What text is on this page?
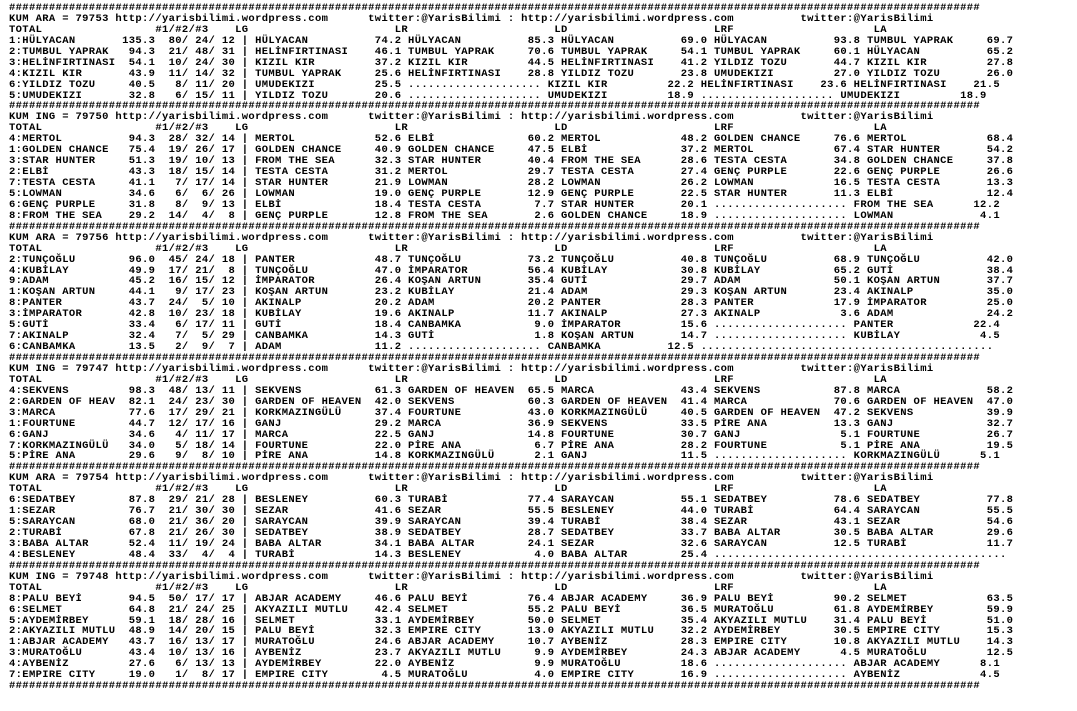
##################################################################################################################################################
KUM ARA = 79753 http://yarisbilimi.wordpress.com      twitter:@YarisBilimi : http://yarisbilimi.wordpress.com          twitter:@YarisBilimi
TOTAL                 #1/#2/#3    LG                      LR                      LD                      LRF                     LA
1:HÜLYACAN       135.3  80/ 24/ 12 | HÜLYACAN          74.2 HÜLYACAN          85.3 HÜLYACAN          69.0 HÜLYACAN          93.8 TUMBUL YAPRAK     69.7
2:TUMBUL YAPRAK   94.3  21/ 48/ 31 | HELİNFIRTINASI    46.1 TUMBUL YAPRAK     70.6 TUMBUL YAPRAK     54.1 TUMBUL YAPRAK     60.1 HÜLYACAN          65.2
3:HELİNFIRTINASI  54.1  10/ 24/ 30 | KIZIL KIR         37.2 KIZIL KIR         44.5 HELİNFIRTINASI    41.2 YILDIZ TOZU       44.7 KIZIL KIR         27.8
4:KIZIL KIR       43.9  11/ 14/ 32 | TUMBUL YAPRAK     25.6 HELİNFIRTINASI    28.8 YILDIZ TOZU       23.8 UMUDEKIZI         27.0 YILDIZ TOZU       26.0
6:YILDIZ TOZU     40.5   8/ 11/ 20 | UMUDEKIZI         25.5 .................... KIZIL KIR         22.2 HELİNFIRTINASI    23.6 HELİNFIRTINASI    21.5
5:UMUDEKIZI       32.8   6/ 15/ 11 | YILDIZ TOZU       20.6 .................... UMUDEKIZI         18.9 .................... UMUDEKIZI         18.9
##################################################################################################################################################
KUM ING = 79750 http://yarisbilimi.wordpress.com      twitter:@YarisBilimi : http://yarisbilimi.wordpress.com          twitter:@YarisBilimi
TOTAL                 #1/#2/#3    LG                      LR                      LD                      LRF                     LA
4:MERTOL          94.3  28/ 32/ 14 | MERTOL            52.6 ELBİ              60.2 MERTOL            48.2 GOLDEN CHANCE     76.6 MERTOL            68.4
1:GOLDEN CHANCE   75.4  19/ 26/ 17 | GOLDEN CHANCE     40.9 GOLDEN CHANCE     47.5 ELBİ              37.2 MERTOL            67.4 STAR HUNTER       54.2
3:STAR HUNTER     51.3  19/ 10/ 13 | FROM THE SEA      32.3 STAR HUNTER       40.4 FROM THE SEA      28.6 TESTA CESTA       34.8 GOLDEN CHANCE     37.8
2:ELBİ            43.3  18/ 15/ 14 | TESTA CESTA       31.2 MERTOL            29.7 TESTA CESTA       27.4 GENÇ PURPLE       22.6 GENÇ PURPLE       26.6
7:TESTA CESTA     41.1   7/ 17/ 14 | STAR HUNTER       21.9 LOWMAN            28.2 LOWMAN            26.2 LOWMAN            16.5 TESTA CESTA       13.3
5:LOWMAN          34.6   6/  6/ 26 | LOWMAN            19.0 GENÇ PURPLE       12.9 GENÇ PURPLE       22.5 STAR HUNTER       11.3 ELBİ              12.4
6:GENÇ PURPLE     31.8   8/  9/ 13 | ELBİ              18.4 TESTA CESTA        7.7 STAR HUNTER       20.1 .................... FROM THE SEA      12.2
8:FROM THE SEA    29.2  14/  4/  8 | GENÇ PURPLE       12.8 FROM THE SEA       2.6 GOLDEN CHANCE     18.9 .................... LOWMAN             4.1
##################################################################################################################################################
KUM ARA = 79756 http://yarisbilimi.wordpress.com      twitter:@YarisBilimi : http://yarisbilimi.wordpress.com          twitter:@YarisBilimi
TOTAL                 #1/#2/#3    LG                      LR                      LD                      LRF                     LA
2:TUNÇOĞLU        96.0  45/ 24/ 18 | PANTER            48.7 TUNÇOĞLU          73.2 TUNÇOĞLU          40.8 TUNÇOĞLU          68.9 TUNÇOĞLU          42.0
4:KUBİLAY         49.9  17/ 21/  8 | TUNÇOĞLU          47.0 İMPARATOR         56.4 KUBİLAY           30.8 KUBİLAY           65.2 GUTİ              38.4
9:ADAM            45.2  16/ 15/ 12 | İMPARATOR         26.4 KOŞAN ARTUN       35.4 GUTİ              29.7 ADAM              50.1 KOŞAN ARTUN       37.7
1:KOŞAN ARTUN     44.1   9/ 17/ 23 | KOŞAN ARTUN       23.2 KUBİLAY           21.4 ADAM              29.3 KOŞAN ARTUN       23.4 AKINALP           35.0
8:PANTER          43.7  24/  5/ 10 | AKINALP           20.2 ADAM              20.2 PANTER            28.3 PANTER            17.9 İMPARATOR         25.0
3:İMPARATOR       42.8  10/ 23/ 18 | KUBİLAY           19.6 AKINALP           11.7 AKINALP           27.3 AKINALP            3.6 ADAM              24.2
5:GUTİ            33.4   6/ 17/ 11 | GUTİ              18.4 CANBAMKA           9.0 İMPARATOR         15.6 .................... PANTER            22.4
7:AKINALP         32.4   7/  5/ 29 | CANBAMKA          14.3 GUTİ               1.8 KOŞAN ARTUN       14.7 .................... KUBİLAY            4.5
6:CANBAMKA        13.5   2/  9/  7 | ADAM              11.2 .................... CANBAMKA          12.5 ............................................
##################################################################################################################################################
KUM ING = 79747 http://yarisbilimi.wordpress.com      twitter:@YarisBilimi : http://yarisbilimi.wordpress.com          twitter:@YarisBilimi
TOTAL                 #1/#2/#3    LG                      LR                      LD                      LRF                     LA
4:SEKVENS         98.3  48/ 13/ 11 | SEKVENS           61.3 GARDEN OF HEAVEN  65.5 MARCA             43.4 SEKVENS           87.8 MARCA             58.2
2:GARDEN OF HEAV  82.1  24/ 23/ 30 | GARDEN OF HEAVEN  42.0 SEKVENS           60.3 GARDEN OF HEAVEN  41.4 MARCA             70.6 GARDEN OF HEAVEN  47.0
3:MARCA           77.6  17/ 29/ 21 | KORKMAZINGÜLÜ     37.4 FOURTUNE          43.0 KORKMAZINGÜLÜ     40.5 GARDEN OF HEAVEN  47.2 SEKVENS           39.9
1:FOURTUNE        44.7  12/ 17/ 16 | GANJ              29.2 MARCA             36.9 SEKVENS           33.5 PİRE ANA          13.3 GANJ              32.7
6:GANJ            34.6   4/ 11/ 17 | MARCA             22.5 GANJ              14.8 FOURTUNE          30.7 GANJ               5.1 FOURTUNE          26.7
7:KORKMAZINGÜLÜ   34.0   5/ 18/ 14 | FOURTUNE          22.0 PİRE ANA           6.7 PİRE ANA          28.2 FOURTUNE           5.1 PİRE ANA          19.5
5:PİRE ANA        29.6   9/  8/ 10 | PİRE ANA          14.8 KORKMAZINGÜLÜ      2.1 GANJ              11.5 .................... KORKMAZINGÜLÜ      5.1
##################################################################################################################################################
KUM ARA = 79754 http://yarisbilimi.wordpress.com      twitter:@YarisBilimi : http://yarisbilimi.wordpress.com          twitter:@YarisBilimi
TOTAL                 #1/#2/#3    LG                      LR                      LD                      LRF                     LA
6:SEDATBEY        87.8  29/ 21/ 28 | BESLENEY          60.3 TURABİ            77.4 SARAYCAN          55.1 SEDATBEY          78.6 SEDATBEY          77.8
1:SEZAR           76.7  21/ 30/ 30 | SEZAR             41.6 SEZAR             55.5 BESLENEY          44.0 TURABİ            64.4 SARAYCAN          55.5
5:SARAYCAN        68.0  21/ 36/ 20 | SARAYCAN          39.9 SARAYCAN          39.4 TURABİ            38.4 SEZAR             43.1 SEZAR             54.6
2:TURABİ          67.8  21/ 26/ 30 | SEDATBEY          38.9 SEDATBEY          28.7 SEDATBEY          33.7 BABA ALTAR        30.5 BABA ALTAR        29.6
3:BABA ALTAR      52.4  11/ 19/ 24 | BABA ALTAR        34.1 BABA ALTAR        24.1 SEZAR             32.6 SARAYCAN          12.5 TURABİ            11.7
4:BESLENEY        48.4  33/  4/  4 | TURABİ            14.3 BESLENEY           4.0 BABA ALTAR        25.4 ............................................
##################################################################################################################################################
KUM ING = 79748 http://yarisbilimi.wordpress.com      twitter:@YarisBilimi : http://yarisbilimi.wordpress.com          twitter:@YarisBilimi
TOTAL                 #1/#2/#3    LG                      LR                      LD                      LRF                     LA
8:PALU BEYİ       94.5  50/ 17/ 17 | ABJAR ACADEMY     46.6 PALU BEYİ         76.4 ABJAR ACADEMY     36.9 PALU BEYİ         90.2 SELMET            63.5
6:SELMET          64.8  21/ 24/ 25 | AKYAZILI MUTLU    42.4 SELMET            55.2 PALU BEYİ         36.5 MURATOĞLU         61.8 AYDEMİRBEY        59.9
5:AYDEMİRBEY      59.1  18/ 28/ 16 | SELMET            33.1 AYDEMİRBEY        50.0 SELMET            35.4 AKYAZILI MUTLU    31.4 PALU BEYİ         51.0
2:AKYAZILI MUTLU  48.9  14/ 20/ 15 | PALU BEYİ         32.3 EMPIRE CITY       13.0 AKYAZILI MUTLU    32.2 AYDEMİRBEY        30.5 EMPIRE CITY       15.3
1:ABJAR ACADEMY   43.7  16/ 13/ 17 | MURATOĞLU         24.6 ABJAR ACADEMY     10.7 AYBENİZ           28.3 EMPIRE CITY       10.8 AKYAZILI MUTLU    14.3
3:MURATOĞLU       43.4  10/ 13/ 16 | AYBENİZ           23.7 AKYAZILI MUTLU     9.9 AYDEMİRBEY        24.3 ABJAR ACADEMY      4.5 MURATOĞLU         12.5
4:AYBENİZ         27.6   6/ 13/ 13 | AYDEMİRBEY        22.0 AYBENİZ            9.9 MURATOĞLU         18.6 .................... ABJAR ACADEMY      8.1
7:EMPIRE CITY     19.0   1/  8/ 17 | EMPIRE CITY        4.5 MURATOĞLU          4.0 EMPIRE CITY       16.9 .................... AYBENİZ            4.5
##################################################################################################################################################
